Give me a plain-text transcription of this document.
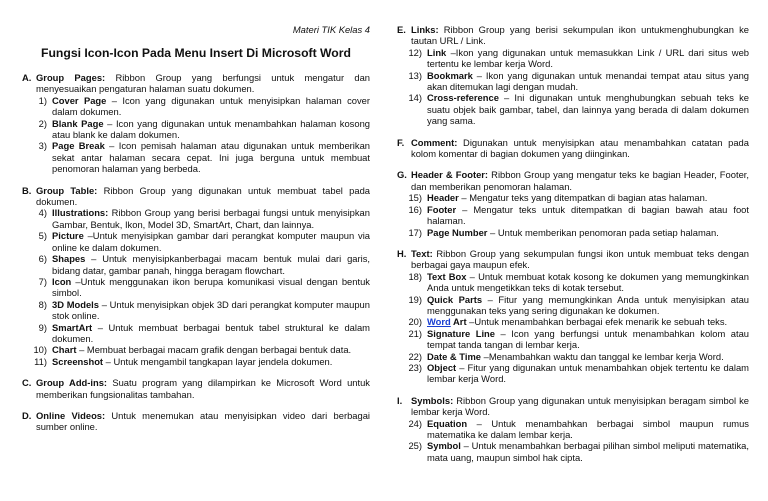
Materi TIK Kelas 4
Fungsi Icon-Icon Pada Menu Insert Di Microsoft Word
A. Group Pages: Ribbon Group yang berfungsi untuk mengatur dan menyesuaikan pengaturan halaman suatu dokumen.
1) Cover Page – Icon yang digunakan untuk menyisipkan halaman cover dalam dokumen.
2) Blank Page – Icon yang digunakan untuk menambahkan halaman kosong atau blank ke dalam dokumen.
3) Page Break – Icon pemisah halaman atau digunakan untuk memberikan sekat antar halaman secara cepat. Ini juga berguna untuk membuat penomoran halaman yang berbeda.
B. Group Table: Ribbon Group yang digunakan untuk membuat tabel pada dokumen.
4) Illustrations: Ribbon Group yang berisi berbagai fungsi untuk menyisipkan Gambar, Bentuk, Ikon, Model 3D, SmartArt, Chart, dan lainnya.
5) Picture –Untuk menyisipkan gambar dari perangkat komputer maupun via online ke dalam dokumen.
6) Shapes – Untuk menyisipkanberbagai macam bentuk mulai dari garis, bidang datar, gambar panah, hingga beragam flowchart.
7) Icon –Untuk menggunakan ikon berupa komunikasi visual dengan bentuk simbol.
8) 3D Models – Untuk menyisipkan objek 3D dari perangkat komputer maupun stok online.
9) SmartArt – Untuk membuat berbagai bentuk tabel struktural ke dalam dokumen.
10) Chart – Membuat berbagai macam grafik dengan berbagai bentuk data.
11) Screenshot – Untuk mengambil tangkapan layar jendela dokumen.
C. Group Add-ins: Suatu program yang dilampirkan ke Microsoft Word untuk memberikan fungsionalitas tambahan.
D. Online Videos: Untuk menemukan atau menyisipkan video dari berbagai sumber online.
E. Links: Ribbon Group yang berisi sekumpulan ikon untukmenghubungkan ke tautan URL / Link.
12) Link –Ikon yang digunakan untuk memasukkan Link / URL dari situs web tertentu ke lembar kerja Word.
13) Bookmark – Ikon yang digunakan untuk menandai tempat atau situs yang akan ditemukan lagi dengan mudah.
14) Cross-reference – Ini digunakan untuk menghubungkan sebuah teks ke suatu objek baik gambar, tabel, dan lainnya yang berada di dalam dokumen yang sama.
F. Comment: Digunakan untuk menyisipkan atau menambahkan catatan pada kolom komentar di bagian dokumen yang diinginkan.
G. Header & Footer: Ribbon Group yang mengatur teks ke bagian Header, Footer, dan memberikan penomoran halaman.
15) Header – Mengatur teks yang ditempatkan di bagian atas halaman.
16) Footer – Mengatur teks untuk ditempatkan di bagian bawah atau foot halaman.
17) Page Number – Untuk memberikan penomoran pada setiap halaman.
H. Text: Ribbon Group yang sekumpulan fungsi ikon untuk membuat teks dengan berbagai gaya maupun efek.
18) Text Box – Untuk membuat kotak kosong ke dokumen yang memungkinkan Anda untuk mengetikkan teks di kotak tersebut.
19) Quick Parts – Fitur yang memungkinkan Anda untuk menyisipkan atau menggunakan teks yang sering digunakan ke dokumen.
20) Word Art –Untuk menambahkan berbagai efek menarik ke sebuah teks.
21) Signature Line – Icon yang berfungsi untuk menambahkan kolom atau tempat tanda tangan di lembar kerja.
22) Date & Time –Menambahkan waktu dan tanggal ke lembar kerja Word.
23) Object – Fitur yang digunakan untuk menambahkan objek tertentu ke dalam lembar kerja Word.
I. Symbols: Ribbon Group yang digunakan untuk menyisipkan beragam simbol ke lembar kerja Word.
24) Equation – Untuk menambahkan berbagai simbol maupun rumus matematika ke dalam lembar kerja.
25) Symbol – Untuk menambahkan berbagai pilihan simbol meliputi matematika, mata uang, maupun simbol hak cipta.
